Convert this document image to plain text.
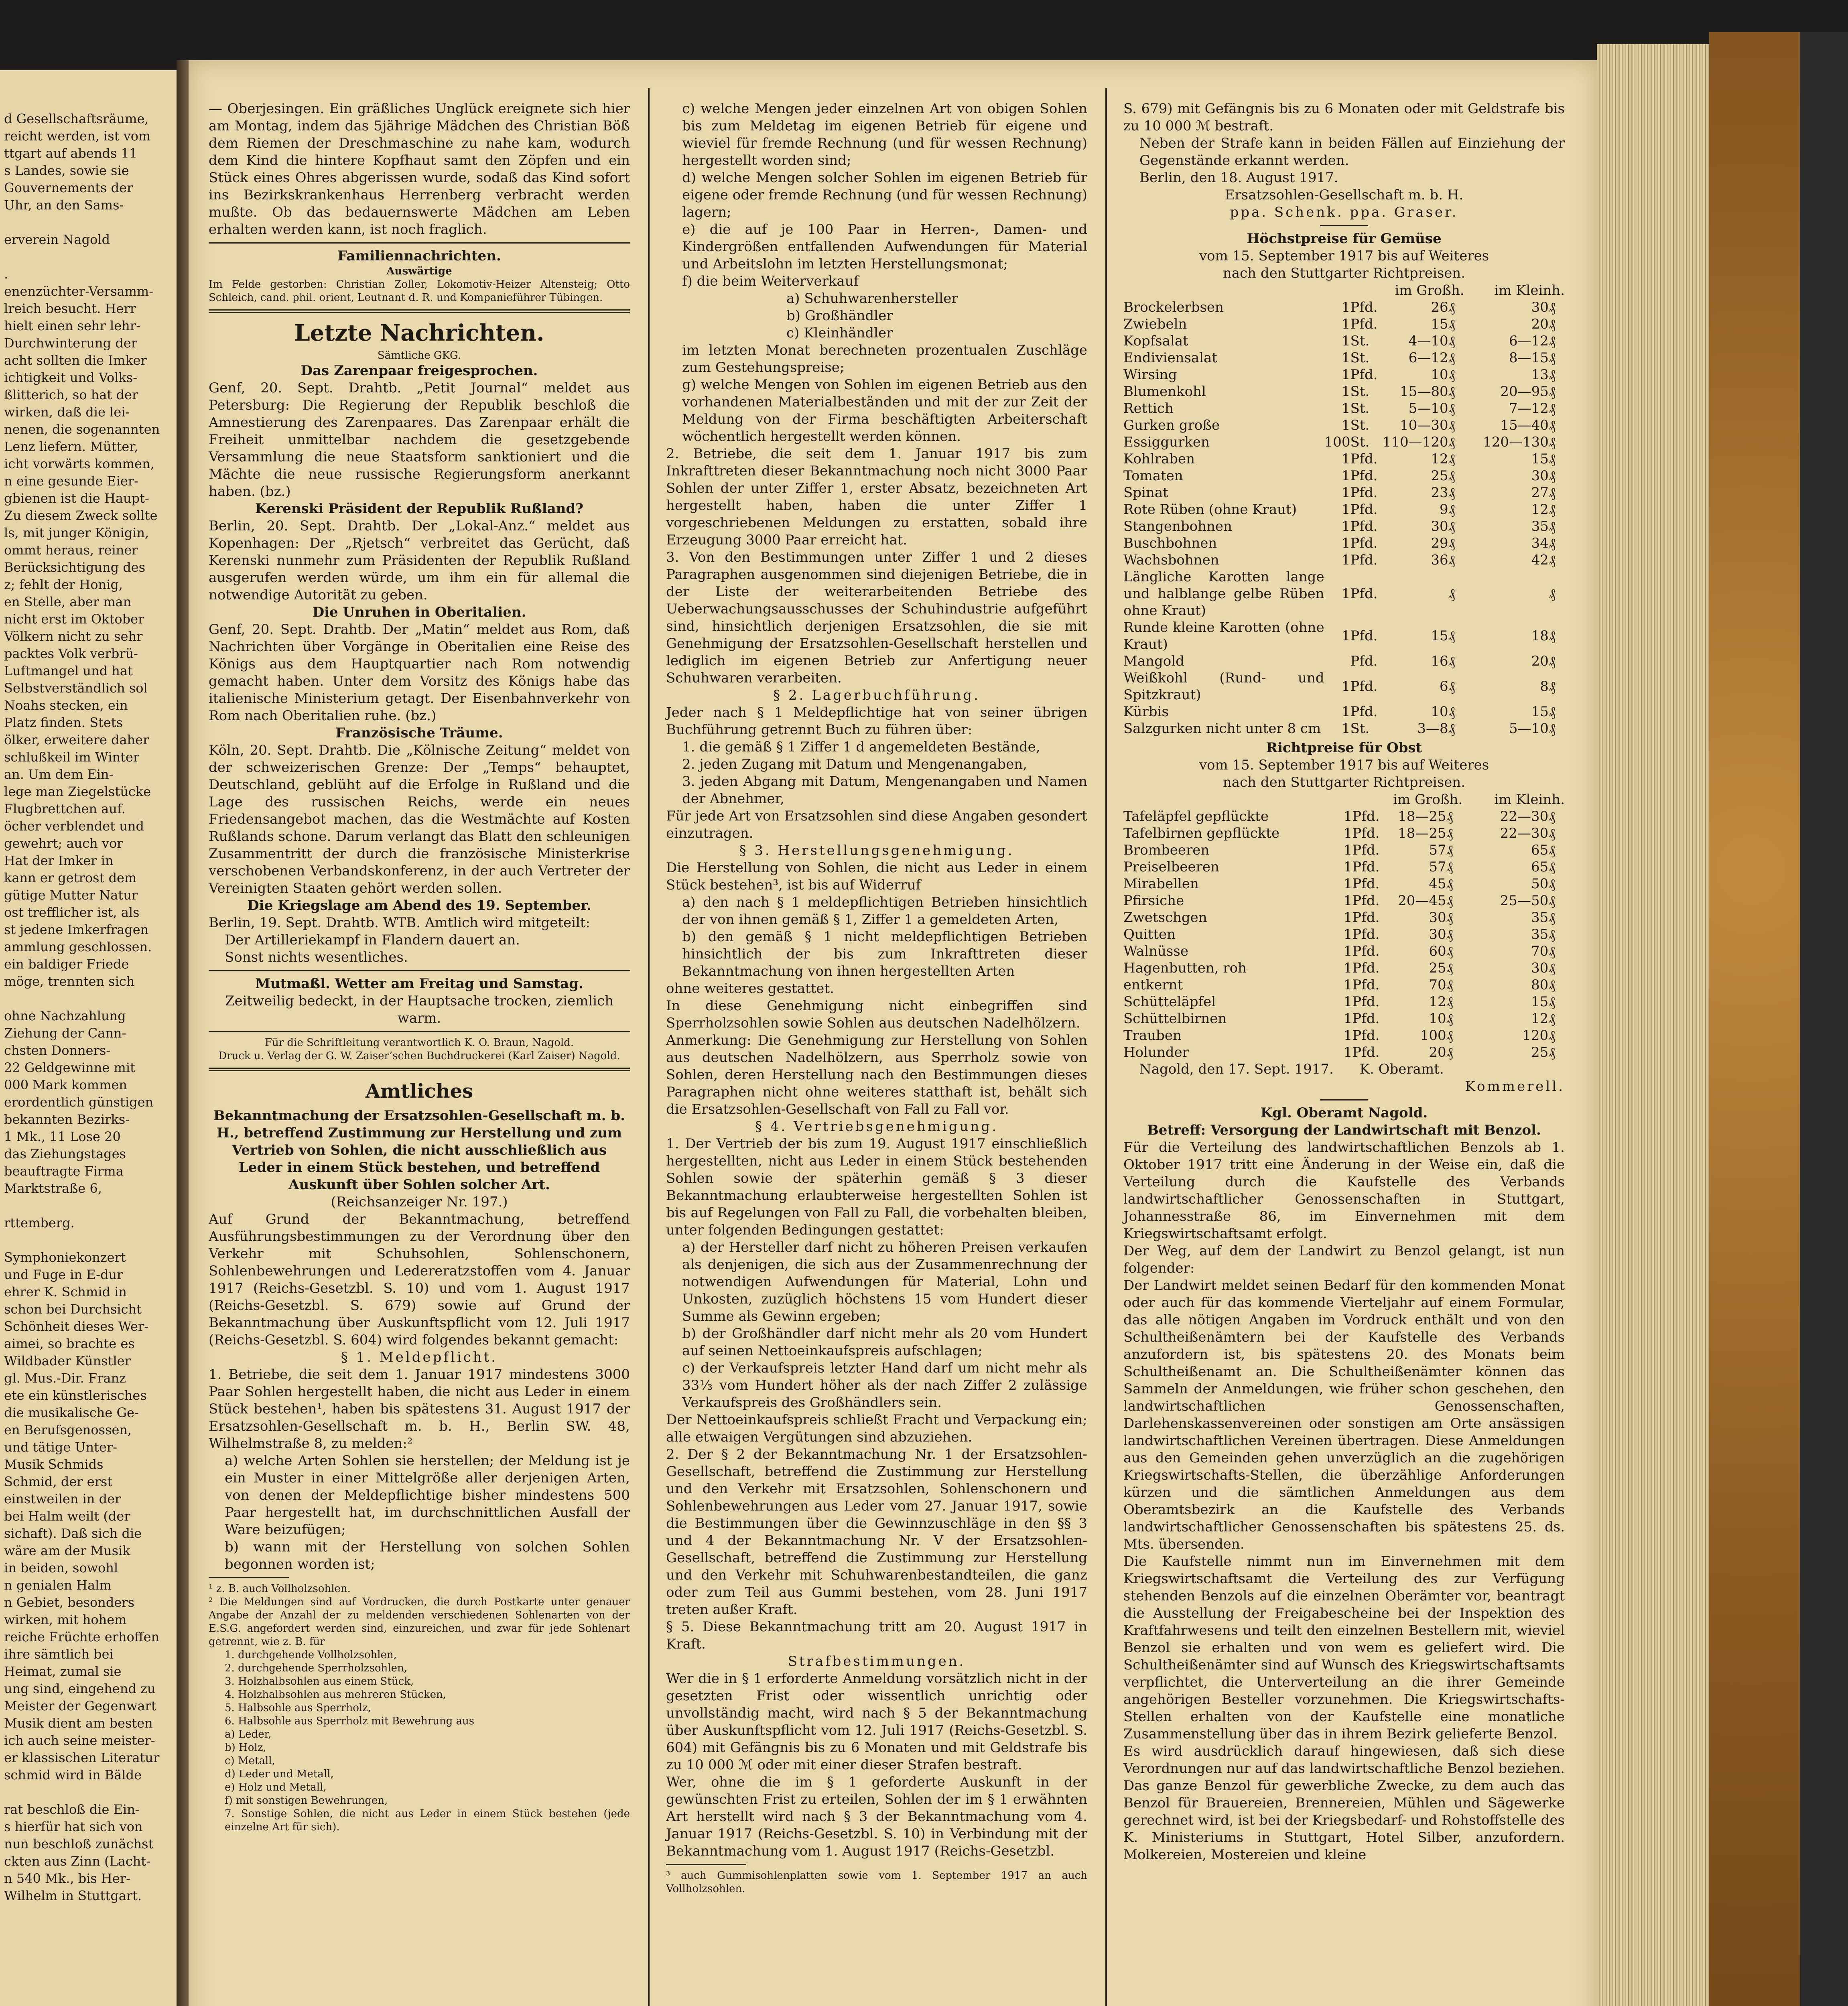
d Gesellschaftsräume,

reicht werden, ist vom

ttgart auf abends 11

s Landes, sowie sie

Gouvernements der

Uhr, an den Sams-

erverein Nagold

.

enenzüchter-Versamm-

lreich besucht. Herr

hielt einen sehr lehr-

Durchwinterung der

acht sollten die Imker

ichtigkeit und Volks-

ßlitterich, so hat der

wirken, daß die lei-

nenen, die sogenannten

Lenz liefern. Mütter,

icht vorwärts kommen,

n eine gesunde Eier-

gbienen ist die Haupt-

Zu diesem Zweck sollte

ls, mit junger Königin,

ommt heraus, reiner

Berücksichtigung des

z; fehlt der Honig,

en Stelle, aber man

nicht erst im Oktober

Völkern nicht zu sehr

packtes Volk verbrü-

Luftmangel und hat

Selbstverständlich sol

Noahs stecken, ein

Platz finden. Stets

ölker, erweitere daher

schlußkeil im Winter

an. Um dem Ein-

lege man Ziegelstücke

Flugbrettchen auf.

öcher verblendet und

gewehrt; auch vor

Hat der Imker in

kann er getrost dem

gütige Mutter Natur

ost trefflicher ist, als

st jedene Imkerfragen

ammlung geschlossen.

ein baldiger Friede

möge, trennten sich

ohne Nachzahlung

Ziehung der Cann-

chsten Donners-

22 Geldgewinne mit

000 Mark kommen

erordentlich günstigen

bekannten Bezirks-

1 Mk., 11 Lose 20

das Ziehungstages

beauftragte Firma

Marktstraße 6,

rttemberg.

Symphoniekonzert

und Fuge in E-dur

ehrer K. Schmid in

schon bei Durchsicht

Schönheit dieses Wer-

aimei, so brachte es

Wildbader Künstler

gl. Mus.-Dir. Franz

ete ein künstlerisches

die musikalische Ge-

en Berufsgenossen,

und tätige Unter-

Musik Schmids

Schmid, der erst

einstweilen in der

bei Halm weilt (der

sichaft). Daß sich die

wäre am der Musik

in beiden, sowohl

n genialen Halm

n Gebiet, besonders

wirken, mit hohem

reiche Früchte erhoffen

ihre sämtlich bei

Heimat, zumal sie

ung sind, eingehend zu

Meister der Gegenwart

Musik dient am besten

ich auch seine meister-

er klassischen Literatur

schmid wird in Bälde

rat beschloß die Ein-

s hierfür hat sich von

nun beschloß zunächst

ckten aus Zinn (Lacht-

n 540 Mk., bis Her-

Wilhelm in Stuttgart.

— Oberjesingen. Ein gräßliches Unglück ereignete sich hier am Montag, indem das 5jährige Mädchen des Christian Böß dem Riemen der Dreschmaschine zu nahe kam, wodurch dem Kind die hintere Kopfhaut samt den Zöpfen und ein Stück eines Ohres abgerissen wurde, sodaß das Kind sofort ins Bezirkskrankenhaus Herrenberg verbracht werden mußte. Ob das bedauernswerte Mädchen am Leben erhalten werden kann, ist noch fraglich.

Familiennachrichten.

Auswärtige

Im Felde gestorben: Christian Zoller, Lokomotiv-Heizer Altensteig; Otto Schleich, cand. phil. orient, Leutnant d. R. und Kompanieführer Tübingen.

Letzte Nachrichten.

Sämtliche GKG.

Das Zarenpaar freigesprochen.

Genf, 20. Sept. Drahtb. „Petit Journal“ meldet aus Petersburg: Die Regierung der Republik beschloß die Amnestierung des Zarenpaares. Das Zarenpaar erhält die Freiheit unmittelbar nachdem die gesetzgebende Versammlung die neue Staatsform sanktioniert und die Mächte die neue russische Regierungsform anerkannt haben. (bz.)

Kerenski Präsident der Republik Rußland?

Berlin, 20. Sept. Drahtb. Der „Lokal-Anz.“ meldet aus Kopenhagen: Der „Rjetsch“ verbreitet das Gerücht, daß Kerenski nunmehr zum Präsidenten der Republik Rußland ausgerufen werden würde, um ihm ein für allemal die notwendige Autorität zu geben.

Die Unruhen in Oberitalien.

Genf, 20. Sept. Drahtb. Der „Matin“ meldet aus Rom, daß Nachrichten über Vorgänge in Oberitalien eine Reise des Königs aus dem Hauptquartier nach Rom notwendig gemacht haben. Unter dem Vorsitz des Königs habe das italienische Ministerium getagt. Der Eisenbahnverkehr von Rom nach Oberitalien ruhe. (bz.)

Französische Träume.

Köln, 20. Sept. Drahtb. Die „Kölnische Zeitung“ meldet von der schweizerischen Grenze: Der „Temps“ behauptet, Deutschland, geblüht auf die Erfolge in Rußland und die Lage des russischen Reichs, werde ein neues Friedensangebot machen, das die Westmächte auf Kosten Rußlands schone. Darum verlangt das Blatt den schleunigen Zusammentritt der durch die französische Ministerkrise verschobenen Verbandskonferenz, in der auch Vertreter der Vereinigten Staaten gehört werden sollen.

Die Kriegslage am Abend des 19. September.

Berlin, 19. Sept. Drahtb. WTB. Amtlich wird mitgeteilt:

Der Artilleriekampf in Flandern dauert an.

Sonst nichts wesentliches.

Mutmaßl. Wetter am Freitag und Samstag.

Zeitweilig bedeckt, in der Hauptsache trocken, ziemlich warm.

Für die Schriftleitung verantwortlich K. O. Braun, Nagold.

Druck u. Verlag der G. W. Zaiser’schen Buchdruckerei (Karl Zaiser) Nagold.

Amtliches

Bekanntmachung der Ersatzsohlen-Gesellschaft m. b. H., betreffend Zustimmung zur Herstellung und zum Vertrieb von Sohlen, die nicht ausschließlich aus Leder in einem Stück bestehen, und betreffend Auskunft über Sohlen solcher Art.

(Reichsanzeiger Nr. 197.)

Auf Grund der Bekanntmachung, betreffend Ausführungsbestimmungen zu der Verordnung über den Verkehr mit Schuhsohlen, Sohlenschonern, Sohlenbewehrungen und Ledereratzstoffen vom 4. Januar 1917 (Reichs-Gesetzbl. S. 10) und vom 1. August 1917 (Reichs-Gesetzbl. S. 679) sowie auf Grund der Bekanntmachung über Auskunftspflicht vom 12. Juli 1917 (Reichs-Gesetzbl. S. 604) wird folgendes bekannt gemacht:

§ 1. Meldepflicht.

1. Betriebe, die seit dem 1. Januar 1917 mindestens 3000 Paar Sohlen hergestellt haben, die nicht aus Leder in einem Stück bestehen¹, haben bis spätestens 31. August 1917 der Ersatzsohlen-Gesellschaft m. b. H., Berlin SW. 48, Wilhelmstraße 8, zu melden:²

a) welche Arten Sohlen sie herstellen; der Meldung ist je ein Muster in einer Mittelgröße aller derjenigen Arten, von denen der Meldepflichtige bisher mindestens 500 Paar hergestellt hat, im durchschnittlichen Ausfall der Ware beizufügen;

b) wann mit der Herstellung von solchen Sohlen begonnen worden ist;

¹ z. B. auch Vollholzsohlen.

² Die Meldungen sind auf Vordrucken, die durch Postkarte unter genauer Angabe der Anzahl der zu meldenden verschiedenen Sohlenarten von der E.S.G. angefordert werden sind, einzureichen, und zwar für jede Sohlenart getrennt, wie z. B. für

1. durchgehende Vollholzsohlen,

2. durchgehende Sperrholzsohlen,

3. Holzhalbsohlen aus einem Stück,

4. Holzhalbsohlen aus mehreren Stücken,

5. Halbsohle aus Sperrholz,

6. Halbsohle aus Sperrholz mit Bewehrung aus

a) Leder,

b) Holz,

c) Metall,

d) Leder und Metall,

e) Holz und Metall,

f) mit sonstigen Bewehrungen,

7. Sonstige Sohlen, die nicht aus Leder in einem Stück bestehen (jede einzelne Art für sich).

c) welche Mengen jeder einzelnen Art von obigen Sohlen bis zum Meldetag im eigenen Betrieb für eigene und wieviel für fremde Rechnung (und für wessen Rechnung) hergestellt worden sind;

d) welche Mengen solcher Sohlen im eigenen Betrieb für eigene oder fremde Rechnung (und für wessen Rechnung) lagern;

e) die auf je 100 Paar in Herren-, Damen- und Kindergrößen entfallenden Aufwendungen für Material und Arbeitslohn im letzten Herstellungsmonat;

f) die beim Weiterverkauf

a) Schuhwarenhersteller

b) Großhändler

c) Kleinhändler

im letzten Monat berechneten prozentualen Zuschläge zum Gestehungspreise;

g) welche Mengen von Sohlen im eigenen Betrieb aus den vorhandenen Materialbeständen und mit der zur Zeit der Meldung von der Firma beschäftigten Arbeiterschaft wöchentlich hergestellt werden können.

2. Betriebe, die seit dem 1. Januar 1917 bis zum Inkrafttreten dieser Bekanntmachung noch nicht 3000 Paar Sohlen der unter Ziffer 1, erster Absatz, bezeichneten Art hergestellt haben, haben die unter Ziffer 1 vorgeschriebenen Meldungen zu erstatten, sobald ihre Erzeugung 3000 Paar erreicht hat.

3. Von den Bestimmungen unter Ziffer 1 und 2 dieses Paragraphen ausgenommen sind diejenigen Betriebe, die in der Liste der weiterarbeitenden Betriebe des Ueberwachungsausschusses der Schuhindustrie aufgeführt sind, hinsichtlich derjenigen Ersatzsohlen, die sie mit Genehmigung der Ersatzsohlen-Gesellschaft herstellen und lediglich im eigenen Betrieb zur Anfertigung neuer Schuhwaren verarbeiten.

§ 2. Lagerbuchführung.

Jeder nach § 1 Meldepflichtige hat von seiner übrigen Buchführung getrennt Buch zu führen über:

1. die gemäß § 1 Ziffer 1 d angemeldeten Bestände,

2. jeden Zugang mit Datum und Mengenangaben,

3. jeden Abgang mit Datum, Mengenangaben und Namen der Abnehmer,

Für jede Art von Ersatzsohlen sind diese Angaben gesondert einzutragen.

§ 3. Herstellungsgenehmigung.

Die Herstellung von Sohlen, die nicht aus Leder in einem Stück bestehen³, ist bis auf Widerruf

a) den nach § 1 meldepflichtigen Betrieben hinsichtlich der von ihnen gemäß § 1, Ziffer 1 a gemeldeten Arten,

b) den gemäß § 1 nicht meldepflichtigen Betrieben hinsichtlich der bis zum Inkrafttreten dieser Bekanntmachung von ihnen hergestellten Arten

ohne weiteres gestattet.

In diese Genehmigung nicht einbegriffen sind Sperrholzsohlen sowie Sohlen aus deutschen Nadelhölzern.

Anmerkung: Die Genehmigung zur Herstellung von Sohlen aus deutschen Nadelhölzern, aus Sperrholz sowie von Sohlen, deren Herstellung nach den Bestimmungen dieses Paragraphen nicht ohne weiteres statthaft ist, behält sich die Ersatzsohlen-Gesellschaft von Fall zu Fall vor.

§ 4. Vertriebsgenehmigung.

1. Der Vertrieb der bis zum 19. August 1917 einschließlich hergestellten, nicht aus Leder in einem Stück bestehenden Sohlen sowie der späterhin gemäß § 3 dieser Bekanntmachung erlaubterweise hergestellten Sohlen ist bis auf Regelungen von Fall zu Fall, die vorbehalten bleiben, unter folgenden Bedingungen gestattet:

a) der Hersteller darf nicht zu höheren Preisen verkaufen als denjenigen, die sich aus der Zusammenrechnung der notwendigen Aufwendungen für Material, Lohn und Unkosten, zuzüglich höchstens 15 vom Hundert dieser Summe als Gewinn ergeben;

b) der Großhändler darf nicht mehr als 20 vom Hundert auf seinen Nettoeinkaufspreis aufschlagen;

c) der Verkaufspreis letzter Hand darf um nicht mehr als 33⅓ vom Hundert höher als der nach Ziffer 2 zulässige Verkaufspreis des Großhändlers sein.

Der Nettoeinkaufspreis schließt Fracht und Verpackung ein; alle etwaigen Vergütungen sind abzuziehen.

2. Der § 2 der Bekanntmachung Nr. 1 der Ersatzsohlen-Gesellschaft, betreffend die Zustimmung zur Herstellung und den Verkehr mit Ersatzsohlen, Sohlenschonern und Sohlenbewehrungen aus Leder vom 27. Januar 1917, sowie die Bestimmungen über die Gewinnzuschläge in den §§ 3 und 4 der Bekanntmachung Nr. V der Ersatzsohlen-Gesellschaft, betreffend die Zustimmung zur Herstellung und den Verkehr mit Schuhwarenbestandteilen, die ganz oder zum Teil aus Gummi bestehen, vom 28. Juni 1917 treten außer Kraft.

§ 5. Diese Bekanntmachung tritt am 20. August 1917 in Kraft.

Strafbestimmungen.

Wer die in § 1 erforderte Anmeldung vorsätzlich nicht in der gesetzten Frist oder wissentlich unrichtig oder unvollständig macht, wird nach § 5 der Bekanntmachung über Auskunftspflicht vom 12. Juli 1917 (Reichs-Gesetzbl. S. 604) mit Gefängnis bis zu 6 Monaten und mit Geldstrafe bis zu 10 000 ℳ oder mit einer dieser Strafen bestraft.

Wer, ohne die im § 1 geforderte Auskunft in der gewünschten Frist zu erteilen, Sohlen der im § 1 erwähnten Art herstellt wird nach § 3 der Bekanntmachung vom 4. Januar 1917 (Reichs-Gesetzbl. S. 10) in Verbindung mit der Bekanntmachung vom 1. August 1917 (Reichs-Gesetzbl.

³ auch Gummisohlenplatten sowie vom 1. September 1917 an auch Vollholzsohlen.

S. 679) mit Gefängnis bis zu 6 Monaten oder mit Geldstrafe bis zu 10 000 ℳ bestraft.

Neben der Strafe kann in beiden Fällen auf Einziehung der Gegenstände erkannt werden.

Berlin, den 18. August 1917.

Ersatzsohlen-Gesellschaft m. b. H.

ppa. Schenk. ppa. Graser.

Höchstpreise für Gemüse

vom 15. September 1917 bis auf Weiteres

nach den Stuttgarter Richtpreisen.

			im Großh.		im Kleinh.	
Brockelerbsen	1	Pfd.	26	₰	30	₰
Zwiebeln	1	Pfd.	15	₰	20	₰
Kopfsalat	1	St.	4—10	₰	6—12	₰
Endiviensalat	1	St.	6—12	₰	8—15	₰
Wirsing	1	Pfd.	10	₰	13	₰
Blumenkohl	1	St.	15—80	₰	20—95	₰
Rettich	1	St.	5—10	₰	7—12	₰
Gurken große	1	St.	10—30	₰	15—40	₰
Essiggurken	100	St.	110—120	₰	120—130	₰
Kohlraben	1	Pfd.	12	₰	15	₰
Tomaten	1	Pfd.	25	₰	30	₰
Spinat	1	Pfd.	23	₰	27	₰
Rote Rüben (ohne Kraut)	1	Pfd.	9	₰	12	₰
Stangenbohnen	1	Pfd.	30	₰	35	₰
Buschbohnen	1	Pfd.	29	₰	34	₰
Wachsbohnen	1	Pfd.	36	₰	42	₰
Längliche Karotten lange und halblange gelbe Rüben ohne Kraut)	1	Pfd.		₰		₰
Runde kleine Karotten (ohne Kraut)	1	Pfd.	15	₰	18	₰
Mangold		Pfd.	16	₰	20	₰
Weißkohl (Rund- und Spitzkraut)	1	Pfd.	6	₰	8	₰
Kürbis	1	Pfd.	10	₰	15	₰
Salzgurken nicht unter 8 cm	1	St.	3—8	₰	5—10	₰

Richtpreise für Obst

vom 15. September 1917 bis auf Weiteres

nach den Stuttgarter Richtpreisen.

			im Großh.		im Kleinh.	
Tafeläpfel gepflückte	1	Pfd.	18—25	₰	22—30	₰
Tafelbirnen gepflückte	1	Pfd.	18—25	₰	22—30	₰
Brombeeren	1	Pfd.	57	₰	65	₰
Preiselbeeren	1	Pfd.	57	₰	65	₰
Mirabellen	1	Pfd.	45	₰	50	₰
Pfirsiche	1	Pfd.	20—45	₰	25—50	₰
Zwetschgen	1	Pfd.	30	₰	35	₰
Quitten	1	Pfd.	30	₰	35	₰
Walnüsse	1	Pfd.	60	₰	70	₰
Hagenbutten, roh	1	Pfd.	25	₰	30	₰
entkernt	1	Pfd.	70	₰	80	₰
Schütteläpfel	1	Pfd.	12	₰	15	₰
Schüttelbirnen	1	Pfd.	10	₰	12	₰
Trauben	1	Pfd.	100	₰	120	₰
Holunder	1	Pfd.	20	₰	25	₰

Nagold, den 17. Sept. 1917. K. Oberamt.

Kommerell.

Kgl. Oberamt Nagold.

Betreff: Versorgung der Landwirtschaft mit Benzol.

Für die Verteilung des landwirtschaftlichen Benzols ab 1. Oktober 1917 tritt eine Änderung in der Weise ein, daß die Verteilung durch die Kaufstelle des Verbands landwirtschaftlicher Genossenschaften in Stuttgart, Johannesstraße 86, im Einvernehmen mit dem Kriegswirtschaftsamt erfolgt.

Der Weg, auf dem der Landwirt zu Benzol gelangt, ist nun folgender:

Der Landwirt meldet seinen Bedarf für den kommenden Monat oder auch für das kommende Vierteljahr auf einem Formular, das alle nötigen Angaben im Vordruck enthält und von den Schultheißenämtern bei der Kaufstelle des Verbands anzufordern ist, bis spätestens 20. des Monats beim Schultheißenamt an. Die Schultheißenämter können das Sammeln der Anmeldungen, wie früher schon geschehen, den landwirtschaftlichen Genossenschaften, Darlehenskassenvereinen oder sonstigen am Orte ansässigen landwirtschaftlichen Vereinen übertragen. Diese Anmeldungen aus den Gemeinden gehen unverzüglich an die zugehörigen Kriegswirtschafts-Stellen, die überzählige Anforderungen kürzen und die sämtlichen Anmeldungen aus dem Oberamtsbezirk an die Kaufstelle des Verbands landwirtschaftlicher Genossenschaften bis spätestens 25. ds. Mts. übersenden.

Die Kaufstelle nimmt nun im Einvernehmen mit dem Kriegswirtschaftsamt die Verteilung des zur Verfügung stehenden Benzols auf die einzelnen Oberämter vor, beantragt die Ausstellung der Freigabescheine bei der Inspektion des Kraftfahrwesens und teilt den einzelnen Bestellern mit, wieviel Benzol sie erhalten und von wem es geliefert wird. Die Schultheißenämter sind auf Wunsch des Kriegswirtschaftsamts verpflichtet, die Unterverteilung an die ihrer Gemeinde angehörigen Besteller vorzunehmen. Die Kriegswirtschafts-Stellen erhalten von der Kaufstelle eine monatliche Zusammenstellung über das in ihrem Bezirk gelieferte Benzol.

Es wird ausdrücklich darauf hingewiesen, daß sich diese Verordnungen nur auf das landwirtschaftliche Benzol beziehen. Das ganze Benzol für gewerbliche Zwecke, zu dem auch das Benzol für Brauereien, Brennereien, Mühlen und Sägewerke gerechnet wird, ist bei der Kriegsbedarf- und Rohstoffstelle des K. Ministeriums in Stuttgart, Hotel Silber, anzufordern. Molkereien, Mostereien und kleine
